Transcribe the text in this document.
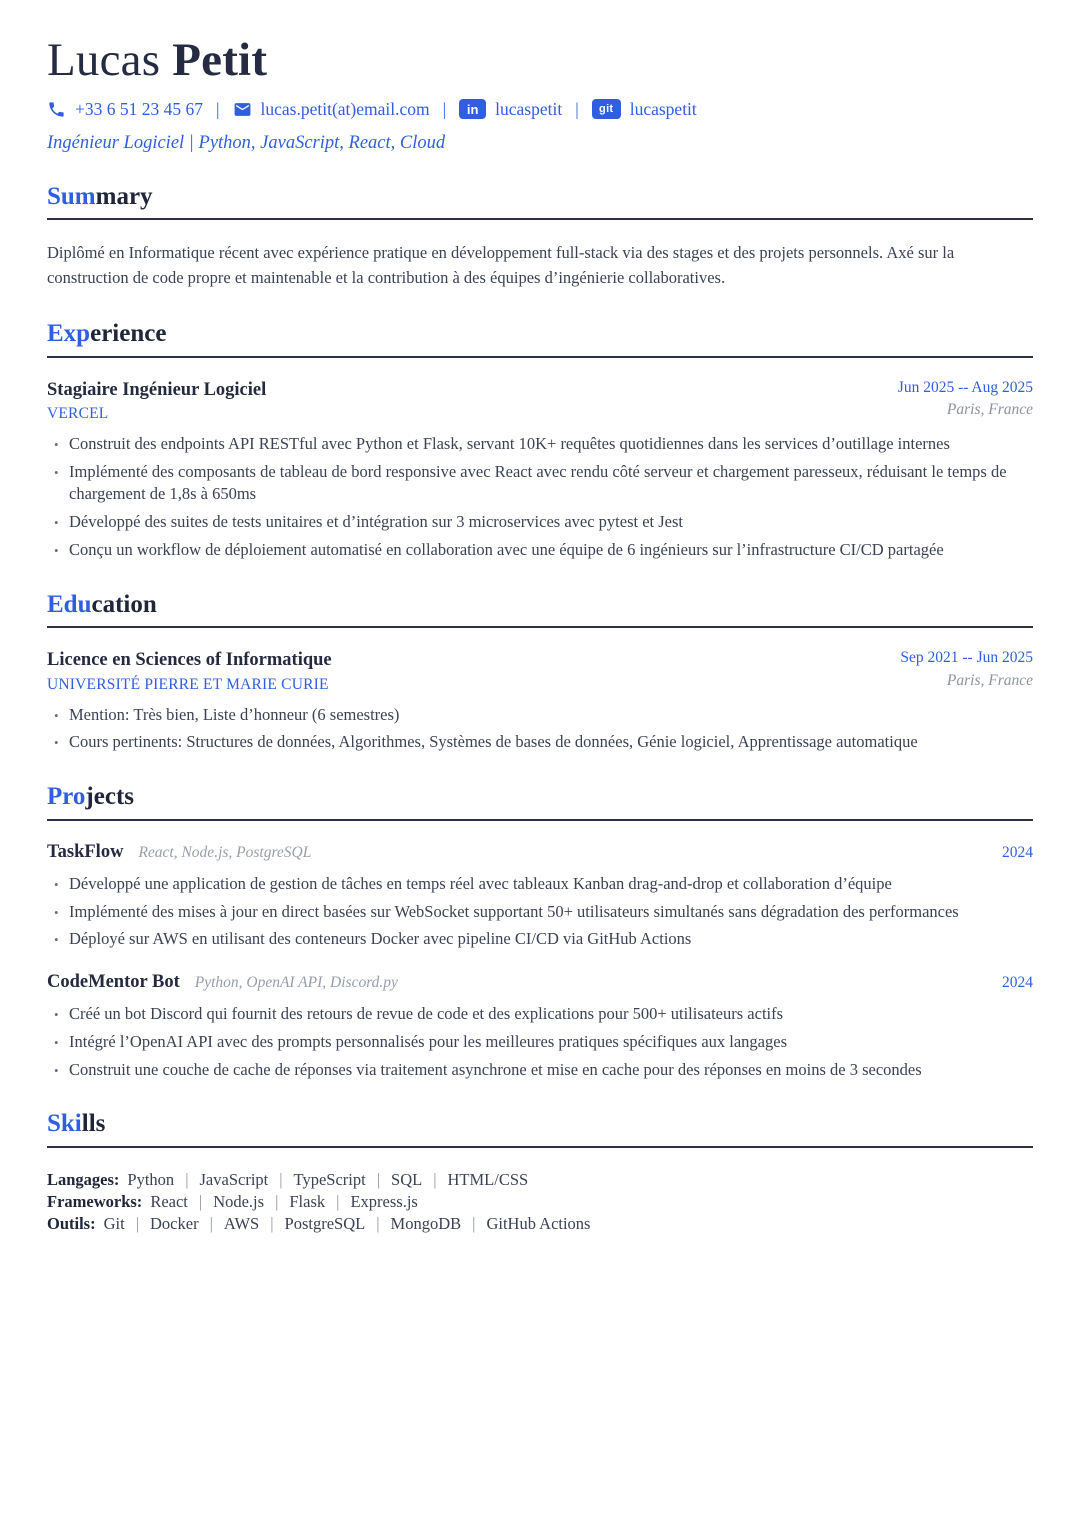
Lucas Petit
+33 6 51 23 45 67 | lucas.petit(at)email.com |	in lucaspetit |	git lucaspetit
Ingénieur Logiciel | Python, JavaScript, React, Cloud
Summary

Diplômé en Informatique récent avec expérience pratique en développement full-stack via des stages et des projets personnels. Axé sur la construction de code propre et maintenable et la contribution à des équipes d’ingénierie collaboratives.

Experience
Stagiaire Ingénieur Logiciel
VERCEL
Jun 2025 -- Aug 2025
Paris, France
• Construit des endpoints API RESTful avec Python et Flask, servant 10K+ requêtes quotidiennes dans les services d’outillage internes
• Implémenté des composants de tableau de bord responsive avec React avec rendu côté serveur et chargement paresseux, réduisant le temps de chargement de 1,8s à 650ms
• Développé des suites de tests unitaires et d’intégration sur 3 microservices avec pytest et Jest
• Conçu un workflow de déploiement automatisé en collaboration avec une équipe de 6 ingénieurs sur l’infrastructure CI/CD partagée
Education
Licence en Sciences of Informatique
UNIVERSITÉ PIERRE ET MARIE CURIE
Sep 2021 -- Jun 2025
Paris, France
• Mention: Très bien, Liste d’honneur (6 semestres)
• Cours pertinents: Structures de données, Algorithmes, Systèmes de bases de données, Génie logiciel, Apprentissage automatique
Projects
TaskFlow React, Node.js, PostgreSQL	2024
• Développé une application de gestion de tâches en temps réel avec tableaux Kanban drag-and-drop et collaboration d’équipe
• Implémenté des mises à jour en direct basées sur WebSocket supportant 50+ utilisateurs simultanés sans dégradation des performances
• Déployé sur AWS en utilisant des conteneurs Docker avec pipeline CI/CD via GitHub Actions
CodeMentor Bot Python, OpenAI API, Discord.py	2024
• Créé un bot Discord qui fournit des retours de revue de code et des explications pour 500+ utilisateurs actifs
• Intégré l’OpenAI API avec des prompts personnalisés pour les meilleures pratiques spécifiques aux langages
• Construit une couche de cache de réponses via traitement asynchrone et mise en cache pour des réponses en moins de 3 secondes
Skills
Langages: Python | JavaScript | TypeScript | SQL | HTML/CSS
Frameworks: React | Node.js | Flask | Express.js
Outils: Git | Docker | AWS | PostgreSQL | MongoDB | GitHub Actions
